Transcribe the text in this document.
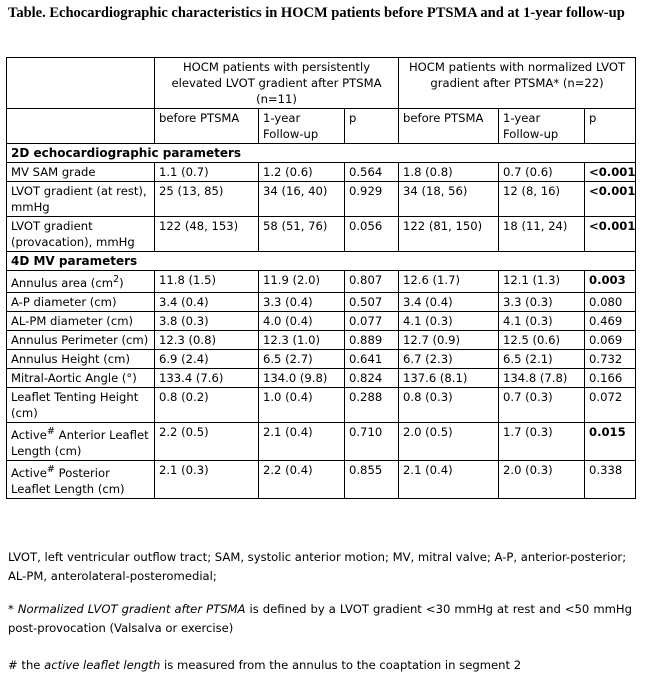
Table. Echocardiographic characteristics in HOCM patients before PTSMA and at 1-year follow-up
	HOCM patients with persistently elevated LVOT gradient after PTSMA (n=11)			HOCM patients with normalized LVOT gradient after PTSMA* (n=22)		
	before PTSMA	1-year Follow-up	p	before PTSMA	1-year Follow-up	p
2D echocardiographic parameters						
MV SAM grade	1.1 (0.7)	1.2 (0.6)	0.564	1.8 (0.8)	0.7 (0.6)	<0.001
LVOT gradient (at rest), mmHg	25 (13, 85)	34 (16, 40)	0.929	34 (18, 56)	12 (8, 16)	<0.001
LVOT gradient (provacation), mmHg	122 (48, 153)	58 (51, 76)	0.056	122 (81, 150)	18 (11, 24)	<0.001
4D MV parameters						
Annulus area $(cm^2)$	11.8 (1.5)	11.9 (2.0)	0.807	12.6 (1.7)	12.1 (1.3)	0.003
A-P diameter (cm)	3.4 (0.4)	3.3 (0.4)	0.507	3.4 (0.4)	3.3 (0.3)	0.080
AL-PM diameter (cm)	3.8 (0.3)	4.0 (0.4)	0.077	4.1 (0.3)	4.1 (0.3)	0.469
Annulus Perimeter (cm)	12.3 (0.8)	12.3 (1.0)	0.889	12.7 (0.9)	12.5 (0.6)	0.069
Annulus Height (cm)	6.9 (2.4)	6.5 (2.7)	0.641	6.7 (2.3)	6.5 (2.1)	0.732
Mitral-Aortic Angle (°)	133.4 (7.6)	134.0 (9.8)	0.824	137.6 (8.1)	134.8 (7.8)	0.166
Leaflet Tenting Height (cm)	0.8 (0.2)	1.0 (0.4)	0.288	0.8 (0.3)	0.7 (0.3)	0.072
Active# Anterior Leaflet Length (cm)	2.2 (0.5)	2.1 (0.4)	0.710	2.0 (0.5)	1.7 (0.3)	0.015
Active# Posterior Leaflet Length (cm)	2.1 (0.3)	2.2 (0.4)	0.855	2.1 (0.4)	2.0 (0.3)	0.338
LVOT, left ventricular outflow tract; SAM, systolic anterior motion; MV, mitral valve; A-P, anterior-posterior; AL-PM, anterolateral-posteromedial;
* Normalized LVOT gradient after PTSMA is defined by a LVOT gradient <30 mmHg at rest and <50 mmHg post-provocation (Valsalva or exercise)
# the active leaflet length is measured from the annulus to the coaptation in segment 2
